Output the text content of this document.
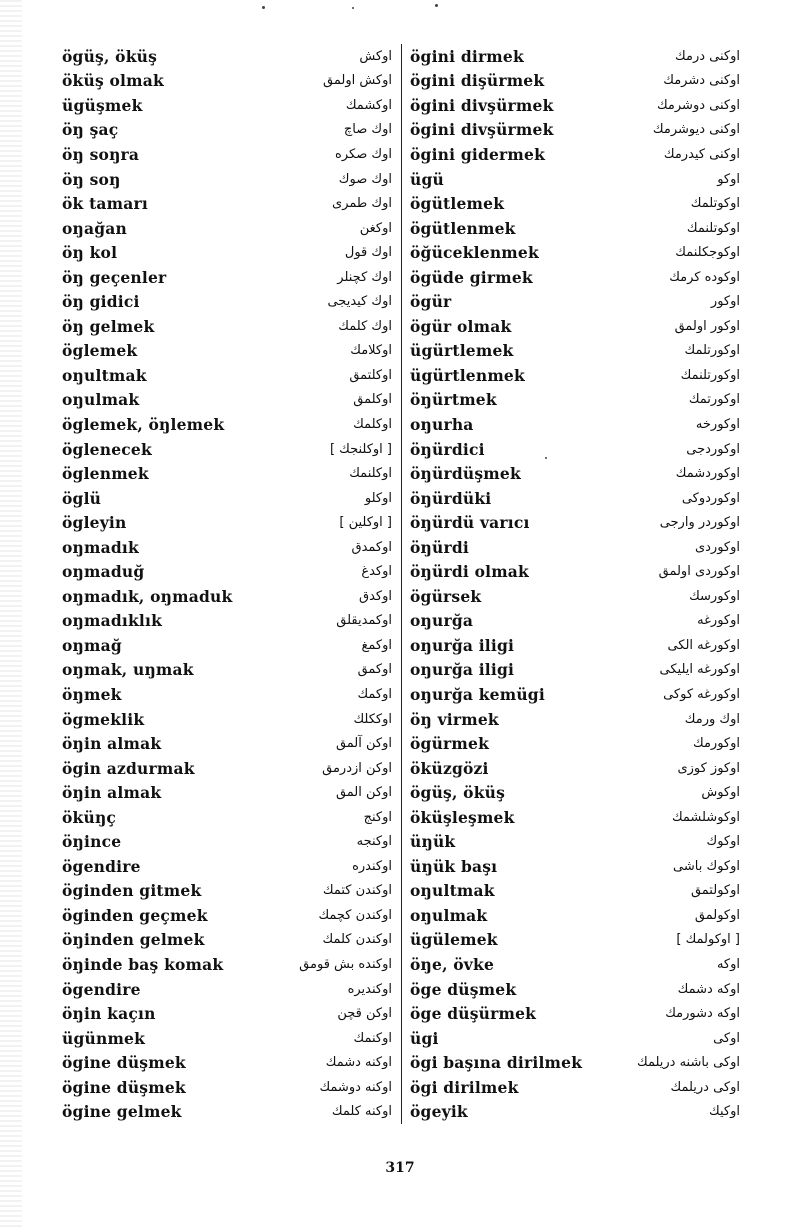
ögüş, öküş	اوكش
öküş olmak	اوكش اولمق
ügüşmek	اوكشمك
öŋ şaç	اوك صاچ
öŋ soŋra	اوك صكره
öŋ soŋ	اوك صوك
ök tamarı	اوك طمرى
oŋağan	اوكغن
öŋ kol	اوك قول
öŋ geçenler	اوك كچنلر
öŋ gidici	اوك كيدیجی
öŋ gelmek	اوك كلمك
öglemek	اوكلامك
oŋultmak	اوكلتمق
oŋulmak	اوكلمق
öglemek, öŋlemek	اوكلمك
öglenecek	[ اوكلنجك ]
öglenmek	اوكلنمك
öglü	اوكلو
ögleyin	[ اوكلين ]
oŋmadık	اوكمدق
oŋmaduğ	اوكدغ
oŋmadık, oŋmaduk	اوكدق
oŋmadıklık	اوكمديقلق
oŋmağ	اوكمغ
oŋmak, uŋmak	اوكمق
öŋmek	اوكمك
ögmeklik	اوككلك
öŋin almak	اوكن آلمق
ögin azdurmak	اوكن ازدرمق
öŋin almak	اوكن المق
öküŋç	اوكنج
öŋince	اوكنجه
ögendire	اوكندره
öginden gitmek	اوكندن كتمك
öginden geçmek	اوكندن كچمك
öŋinden gelmek	اوكندن كلمك
öŋinde baş komak	اوكنده بش قومق
ögendire	اوكنديره
öŋin kaçın	اوكن قچن
ügünmek	اوكنمك
ögine düşmek	اوكنه دشمك
ögine düşmek	اوكنه دوشمك
ögine gelmek	اوكنه كلمك
ögini dirmek	اوكنى درمك
ögini dişürmek	اوكنى دشرمك
ögini divşürmek	اوكنى دوشرمك
ögini divşürmek	اوكنى ديوشرمك
ögini gidermek	اوكنى كيدرمك
ügü	اوكو
ögütlemek	اوكوتلمك
ögütlenmek	اوكوتلنمك
öğüceklenmek	اوكوجكلنمك
ögüde girmek	اوكوده كرمك
ögür	اوكور
ögür olmak	اوكور اولمق
ügürtlemek	اوكورتلمك
ügürtlenmek	اوكورتلنمك
öŋürtmek	اوكورتمك
oŋurha	اوكورخه
öŋürdici	اوكوردجى
öŋürdüşmek	اوكوردشمك
öŋürdüki	اوكوردوكى
öŋürdü varıcı	اوكوردر وارجى
öŋürdi	اوكوردى
öŋürdi olmak	اوكوردى اولمق
ögürsek	اوكورسك
oŋurğa	اوكورغه
oŋurğa iligi	اوكورغه الكى
oŋurğa iligi	اوكورغه ايليكى
oŋurğa kemügi	اوكورغه كوكى
öŋ virmek	اوك ورمك
ögürmek	اوكورمك
öküzgözi	اوكوز كوزى
ögüş, öküş	اوكوش
öküşleşmek	اوكوشلشمك
üŋük	اوكوك
üŋük başı	اوكوك باشى
oŋultmak	اوكولتمق
oŋulmak	اوكولمق
ügülemek	[ اوكولمك ]
öŋe, övke	اوكه
öge düşmek	اوكه دشمك
öge düşürmek	اوكه دشورمك
ügi	اوكى
ögi başına dirilmek	اوكى باشنه دريلمك
ögi dirilmek	اوكى دريلمك
ögeyik	اوكيك
317
